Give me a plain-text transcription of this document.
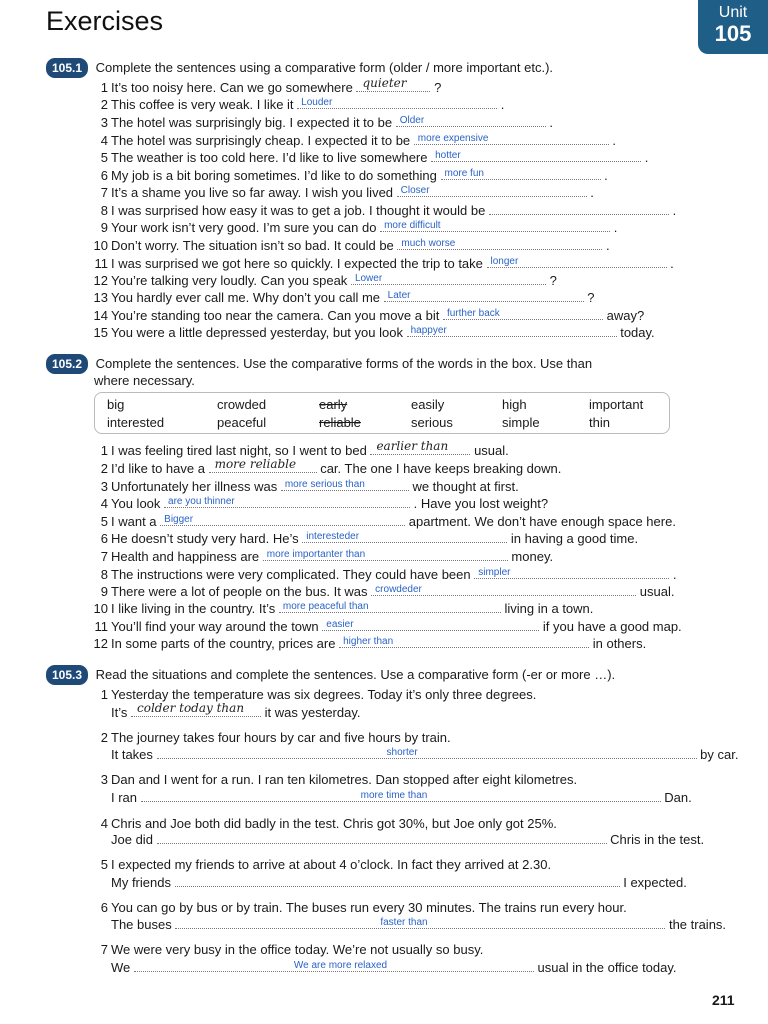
Exercises	Unit
105
105.1 Complete the sentences using a comparative form (older / more important etc.).
1 It’s too noisy here. Can we go somewhere quieter ?
2 This coffee is very weak. I like it Louder	.
3 The hotel was surprisingly big. I expected it to be Older	.
4 The hotel was surprisingly cheap. I expected it to be more expensive	.
5 The weather is too cold here. I’d like to live somewhere hotter	.
6 My job is a bit boring sometimes. I’d like to do something more fun	.
7 It’s a shame you live so far away. I wish you lived Closer	.
8 I was surprised how easy it was to get a job. I thought it would be	.
9 Your work isn’t very good. I’m sure you can do more difficult	.
10 Don’t worry. The situation isn’t so bad. It could be much worse	.
11 I was surprised we got here so quickly. I expected the trip to take longer	.
12 You’re talking very loudly. Can you speak Lower	?
13 You hardly ever call me. Why don’t you call me Later	?
14 You’re standing too near the camera. Can you move a bit further back	away?
15 You were a little depressed yesterday, but you look happyer	today.
105.2 Complete the sentences. Use the comparative forms of the words in the box. Use than
where necessary.
big	crowded	early	easily	high	important
interested	peaceful	reliable	serious	simple	thin
1 I was feeling tired last night, so I went to bed earlier than usual.
2 I’d like to have a more reliable car. The one I have keeps breaking down.
3 Unfortunately her illness was more serious than	we thought at first.
4 You look are you thinner	. Have you lost weight?
5 I want a Bigger	apartment. We don’t have enough space here.
6 He doesn’t study very hard. He’s interesteder	in having a good time.
7 Health and happiness are more importanter than	money.
8 The instructions were very complicated. They could have been simpler	.
9 There were a lot of people on the bus. It was crowdeder	usual.
10 I like living in the country. It’s more peaceful than	living in a town.
11 You’ll find your way around the town easier	if you have a good map.
12 In some parts of the country, prices are higher than	in others.
105.3 Read the situations and complete the sentences. Use a comparative form (-er or more …).
1 Yesterday the temperature was six degrees. Today it’s only three degrees.
It’s colder today than it was yesterday.
2 The journey takes four hours by car and five hours by train.
It takes	shorter	by car.
3 Dan and I went for a run. I ran ten kilometres. Dan stopped after eight kilometres.
I ran	more time than	Dan.
4 Chris and Joe both did badly in the test. Chris got 30%, but Joe only got 25%.
Joe did	Chris in the test.
5 I expected my friends to arrive at about 4 o’clock. In fact they arrived at 2.30.
My friends	I expected.
6 You can go by bus or by train. The buses run every 30 minutes. The trains run every hour.
The buses	faster than	the trains.
7 We were very busy in the office today. We’re not usually so busy.
We	We are more relaxed	usual in the office today.
211
